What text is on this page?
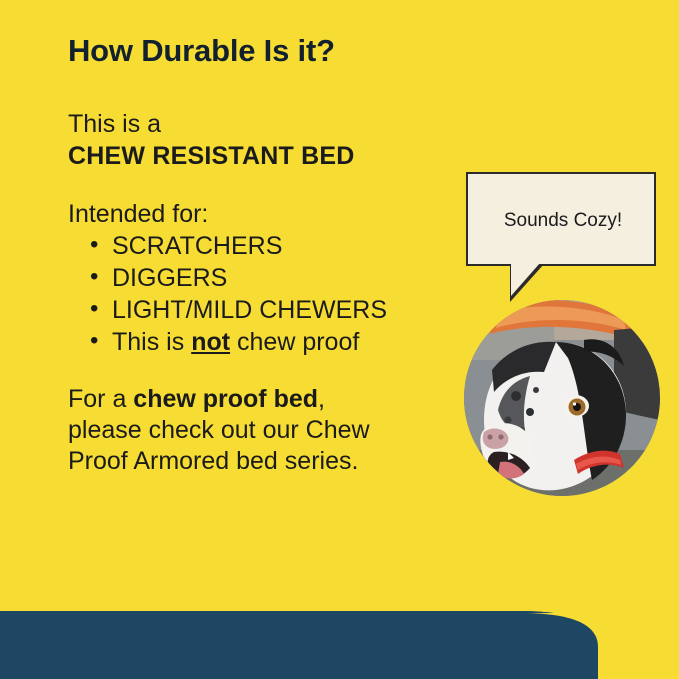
How Durable Is it?
This is a
CHEW RESISTANT BED
Intended for:
• SCRATCHERS
• DIGGERS
• LIGHT/MILD CHEWERS
• This is not chew proof
For a chew proof bed,
please check out our Chew
Proof Armored bed series.
Sounds Cozy!
